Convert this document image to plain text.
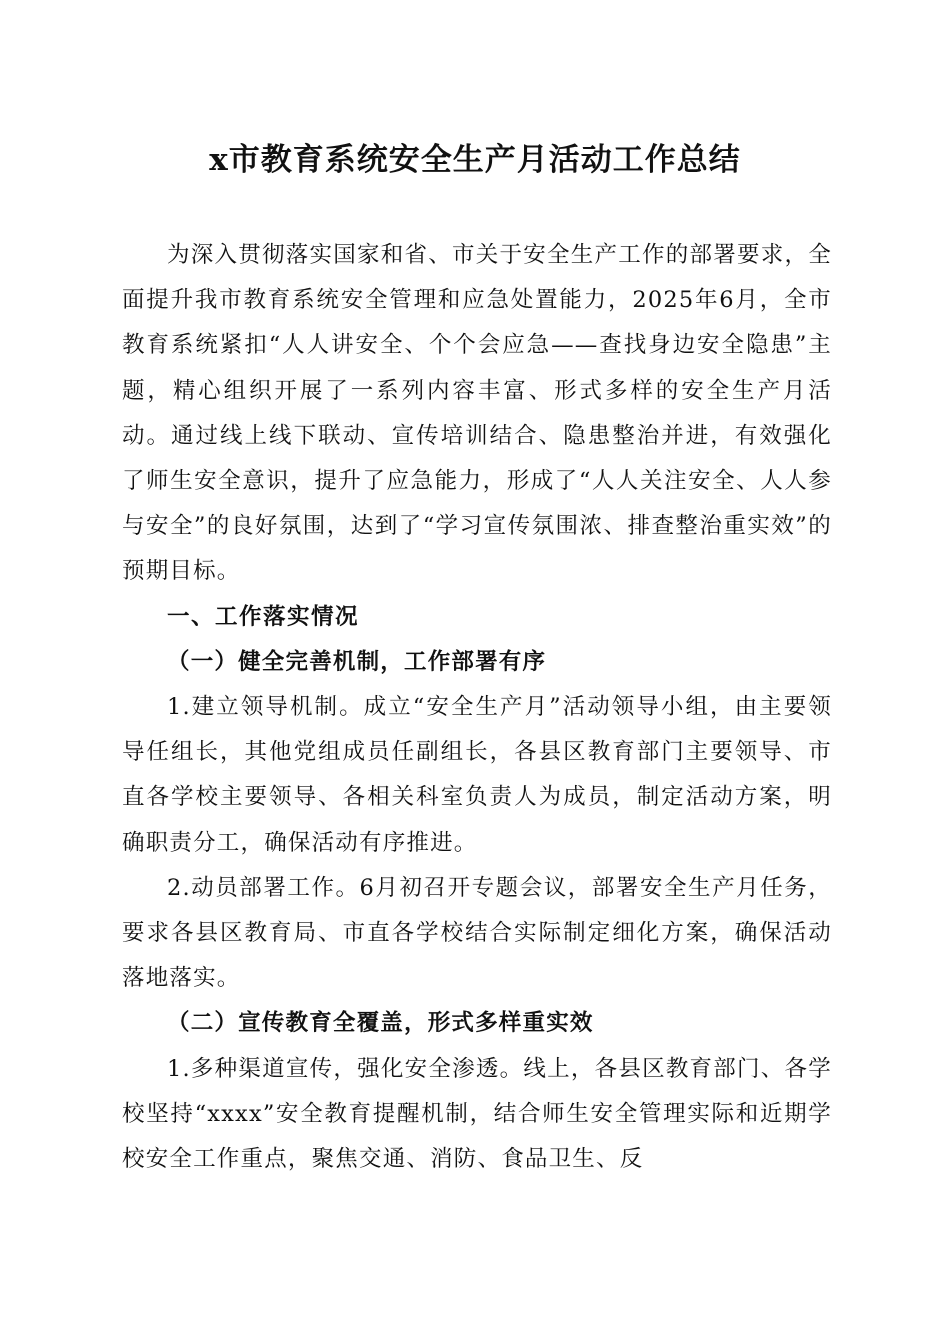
x市教育系统安全生产月活动工作总结

为深入贯彻落实国家和省、市关于安全生产工作的部署要求，全面提升我市教育系统安全管理和应急处置能力，2025年6月，全市教育系统紧扣“人人讲安全、个个会应急——查找身边安全隐患”主题，精心组织开展了一系列内容丰富、形式多样的安全生产月活动。通过线上线下联动、宣传培训结合、隐患整治并进，有效强化了师生安全意识，提升了应急能力，形成了“人人关注安全、人人参与安全”的良好氛围，达到了“学习宣传氛围浓、排查整治重实效”的预期目标。

一、工作落实情况

（一）健全完善机制，工作部署有序

1.建立领导机制。成立“安全生产月”活动领导小组，由主要领导任组长，其他党组成员任副组长，各县区教育部门主要领导、市直各学校主要领导、各相关科室负责人为成员，制定活动方案，明确职责分工，确保活动有序推进。

2.动员部署工作。6月初召开专题会议，部署安全生产月任务，要求各县区教育局、市直各学校结合实际制定细化方案，确保活动落地落实。

（二）宣传教育全覆盖，形式多样重实效

1.多种渠道宣传，强化安全渗透。线上，各县区教育部门、各学校坚持“xxxx”安全教育提醒机制，结合师生安全管理实际和近期学校安全工作重点，聚焦交通、消防、食品卫生、反
